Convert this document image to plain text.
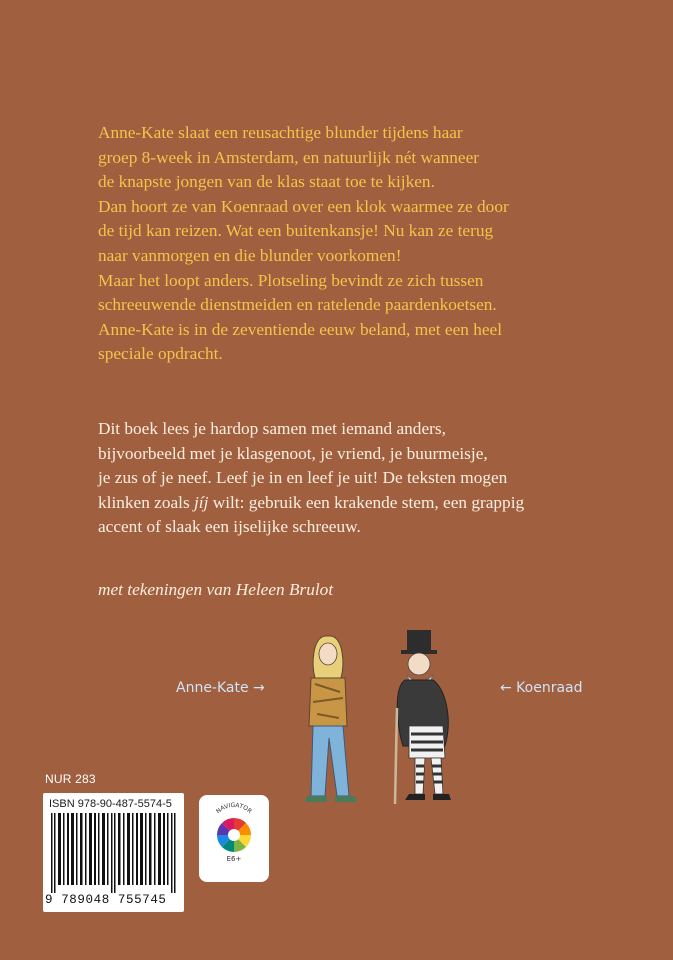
Anne-Kate slaat een reusachtige blunder tijdens haar

groep 8-week in Amsterdam, en natuurlijk nét wanneer

de knapste jongen van de klas staat toe te kijken.

Dan hoort ze van Koenraad over een klok waarmee ze door

de tijd kan reizen. Wat een buitenkansje! Nu kan ze terug

naar vanmorgen en die blunder voorkomen!

Maar het loopt anders. Plotseling bevindt ze zich tussen

schreeuwende dienstmeiden en ratelende paardenkoetsen.

Anne-Kate is in de zeventiende eeuw beland, met een heel

speciale opdracht.

Dit boek lees je hardop samen met iemand anders,

bijvoorbeeld met je klasgenoot, je vriend, je buurmeisje,

je zus of je neef. Leef je in en leef je uit! De teksten mogen

klinken zoals jíj wilt: gebruik een krakende stem, een grappig

accent of slaak een ijselijke schreeuw.

met tekeningen van Heleen Brulot
Anne-Kate →	← Koenraad
NUR 283
ISBN 978-90-487-5574-5
9 789048 755745
NAVIGATOR
E6+
